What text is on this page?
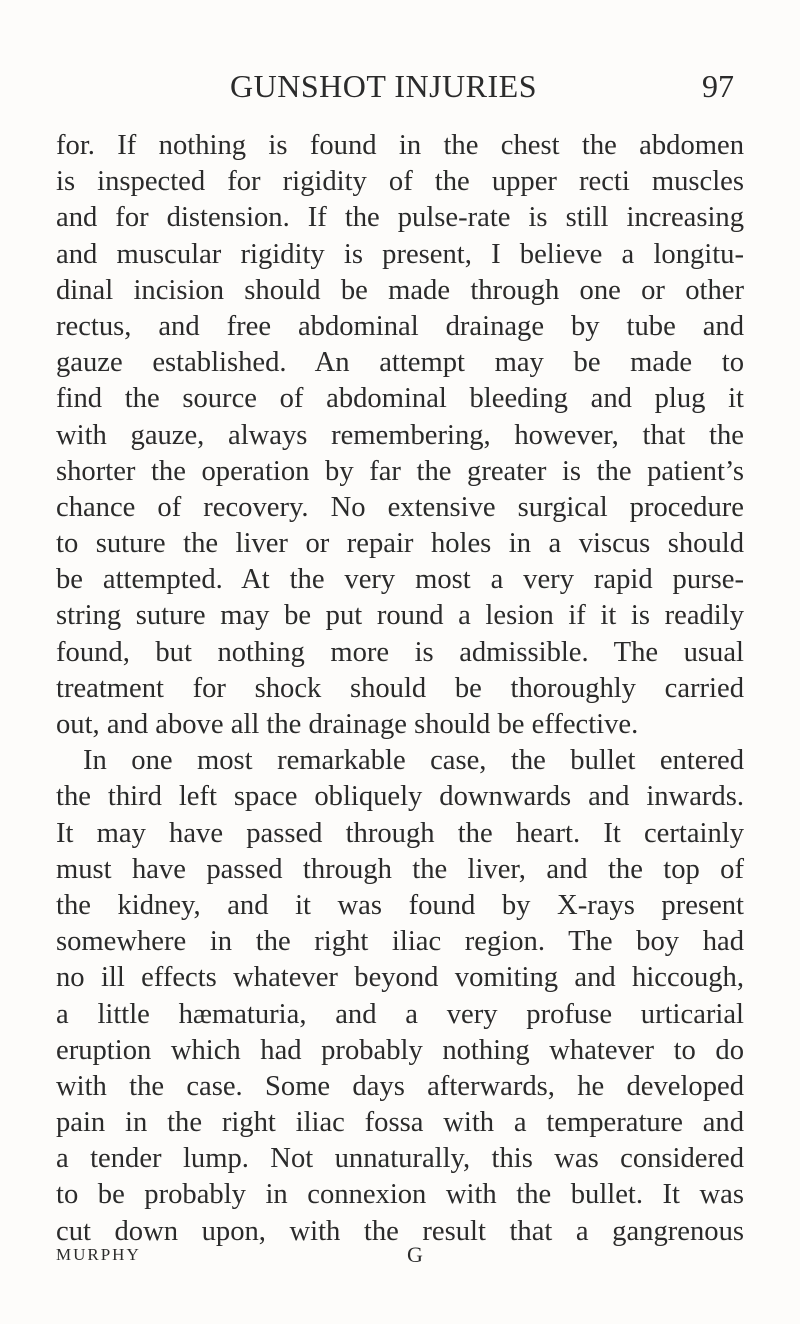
GUNSHOT INJURIES	97
for. If nothing is found in the chest the abdomen
is inspected for rigidity of the upper recti muscles
and for distension. If the pulse-rate is still increasing
and muscular rigidity is present, I believe a longitu-
dinal incision should be made through one or other
rectus, and free abdominal drainage by tube and
gauze established. An attempt may be made to
find the source of abdominal bleeding and plug it
with gauze, always remembering, however, that the
shorter the operation by far the greater is the patient’s
chance of recovery. No extensive surgical procedure
to suture the liver or repair holes in a viscus should
be attempted. At the very most a very rapid purse-
string suture may be put round a lesion if it is readily
found, but nothing more is admissible. The usual
treatment for shock should be thoroughly carried
out, and above all the drainage should be effective.
In one most remarkable case, the bullet entered
the third left space obliquely downwards and inwards.
It may have passed through the heart. It certainly
must have passed through the liver, and the top of
the kidney, and it was found by X-rays present
somewhere in the right iliac region. The boy had
no ill effects whatever beyond vomiting and hiccough,
a little hæmaturia, and a very profuse urticarial
eruption which had probably nothing whatever to do
with the case. Some days afterwards, he developed
pain in the right iliac fossa with a temperature and
a tender lump. Not unnaturally, this was considered
to be probably in connexion with the bullet. It was
cut down upon, with the result that a gangrenous
MURPHY	G
